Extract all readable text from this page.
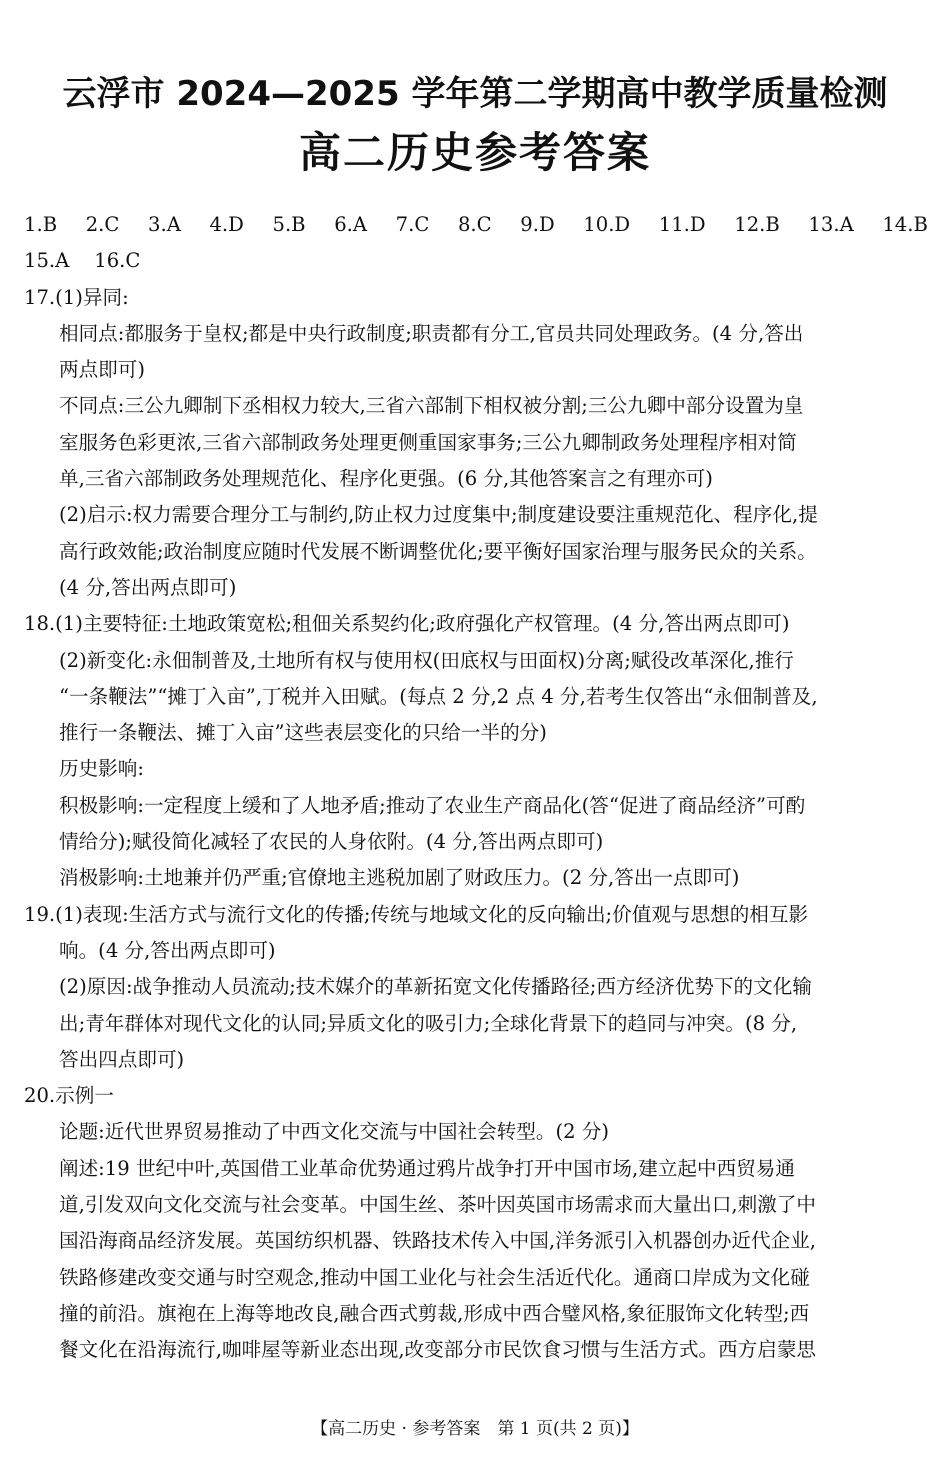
云浮市 2024—2025 学年第二学期高中教学质量检测
高二历史参考答案
1.B 2.C 3.A 4.D 5.B 6.A 7.C 8.C 9.D 10.D 11.D 12.B 13.A 14.B
15.A 16.C
17.(1)异同:
相同点:都服务于皇权;都是中央行政制度;职责都有分工,官员共同处理政务。(4 分,答出
两点即可)
不同点:三公九卿制下丞相权力较大,三省六部制下相权被分割;三公九卿中部分设置为皇
室服务色彩更浓,三省六部制政务处理更侧重国家事务;三公九卿制政务处理程序相对简
单,三省六部制政务处理规范化、程序化更强。(6 分,其他答案言之有理亦可)
(2)启示:权力需要合理分工与制约,防止权力过度集中;制度建设要注重规范化、程序化,提
高行政效能;政治制度应随时代发展不断调整优化;要平衡好国家治理与服务民众的关系。
(4 分,答出两点即可)
18.(1)主要特征:土地政策宽松;租佃关系契约化;政府强化产权管理。(4 分,答出两点即可)
(2)新变化:永佃制普及,土地所有权与使用权(田底权与田面权)分离;赋役改革深化,推行
“一条鞭法”“摊丁入亩”,丁税并入田赋。(每点 2 分,2 点 4 分,若考生仅答出“永佃制普及,
推行一条鞭法、摊丁入亩”这些表层变化的只给一半的分)
历史影响:
积极影响:一定程度上缓和了人地矛盾;推动了农业生产商品化(答“促进了商品经济”可酌
情给分);赋役简化减轻了农民的人身依附。(4 分,答出两点即可)
消极影响:土地兼并仍严重;官僚地主逃税加剧了财政压力。(2 分,答出一点即可)
19.(1)表现:生活方式与流行文化的传播;传统与地域文化的反向输出;价值观与思想的相互影
响。(4 分,答出两点即可)
(2)原因:战争推动人员流动;技术媒介的革新拓宽文化传播路径;西方经济优势下的文化输
出;青年群体对现代文化的认同;异质文化的吸引力;全球化背景下的趋同与冲突。(8 分,
答出四点即可)
20.示例一
论题:近代世界贸易推动了中西文化交流与中国社会转型。(2 分)
阐述:19 世纪中叶,英国借工业革命优势通过鸦片战争打开中国市场,建立起中西贸易通
道,引发双向文化交流与社会变革。中国生丝、茶叶因英国市场需求而大量出口,刺激了中
国沿海商品经济发展。英国纺织机器、铁路技术传入中国,洋务派引入机器创办近代企业,
铁路修建改变交通与时空观念,推动中国工业化与社会生活近代化。通商口岸成为文化碰
撞的前沿。旗袍在上海等地改良,融合西式剪裁,形成中西合璧风格,象征服饰文化转型;西
餐文化在沿海流行,咖啡屋等新业态出现,改变部分市民饮食习惯与生活方式。西方启蒙思
【高二历史 · 参考答案　第 1 页(共 2 页)】
